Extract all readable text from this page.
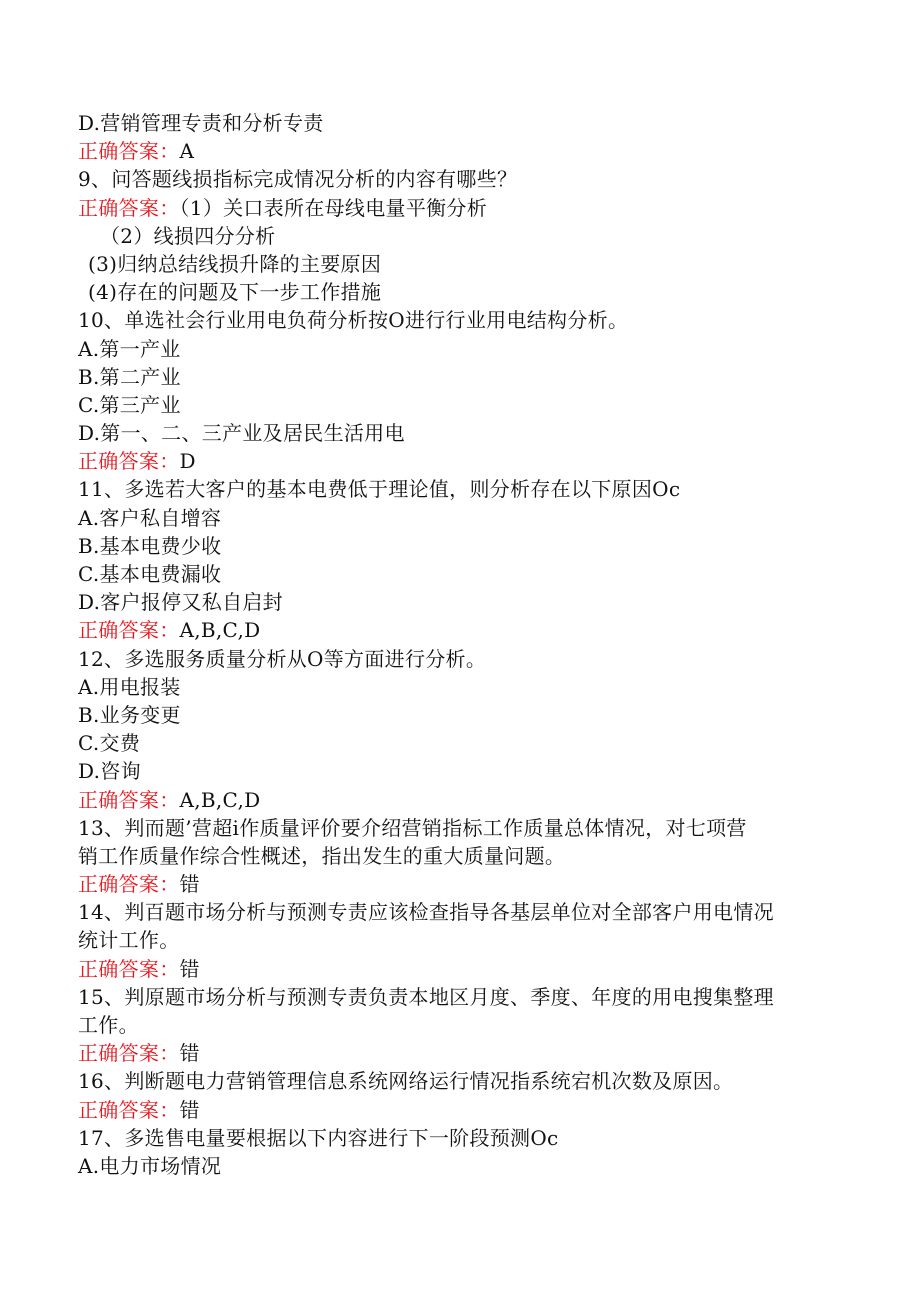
D.营销管理专责和分析专责
正确答案：A
9、问答题线损指标完成情况分析的内容有哪些？
正确答案：（1）关口表所在母线电量平衡分析
（2）线损四分分析
(3)归纳总结线损升降的主要原因
(4)存在的问题及下一步工作措施
10、单选社会行业用电负荷分析按O进行行业用电结构分析。
A.第一产业
B.第二产业
C.第三产业
D.第一、二、三产业及居民生活用电
正确答案：D
11、多选若大客户的基本电费低于理论值，则分析存在以下原因Oc
A.客户私自增容
B.基本电费少收
C.基本电费漏收
D.客户报停又私自启封
正确答案：A,B,C,D
12、多选服务质量分析从O等方面进行分析。
A.用电报装
B.业务变更
C.交费
D.咨询
正确答案：A,B,C,D
13、判而题’营超i作质量评价要介绍营销指标工作质量总体情况，对七项营
销工作质量作综合性概述，指出发生的重大质量问题。
正确答案：错
14、判百题市场分析与预测专责应该检查指导各基层单位对全部客户用电情况
统计工作。
正确答案：错
15、判原题市场分析与预测专责负责本地区月度、季度、年度的用电搜集整理
工作。
正确答案：错
16、判断题电力营销管理信息系统网络运行情况指系统宕机次数及原因。
正确答案：错
17、多选售电量要根据以下内容进行下一阶段预测Oc
A.电力市场情况
